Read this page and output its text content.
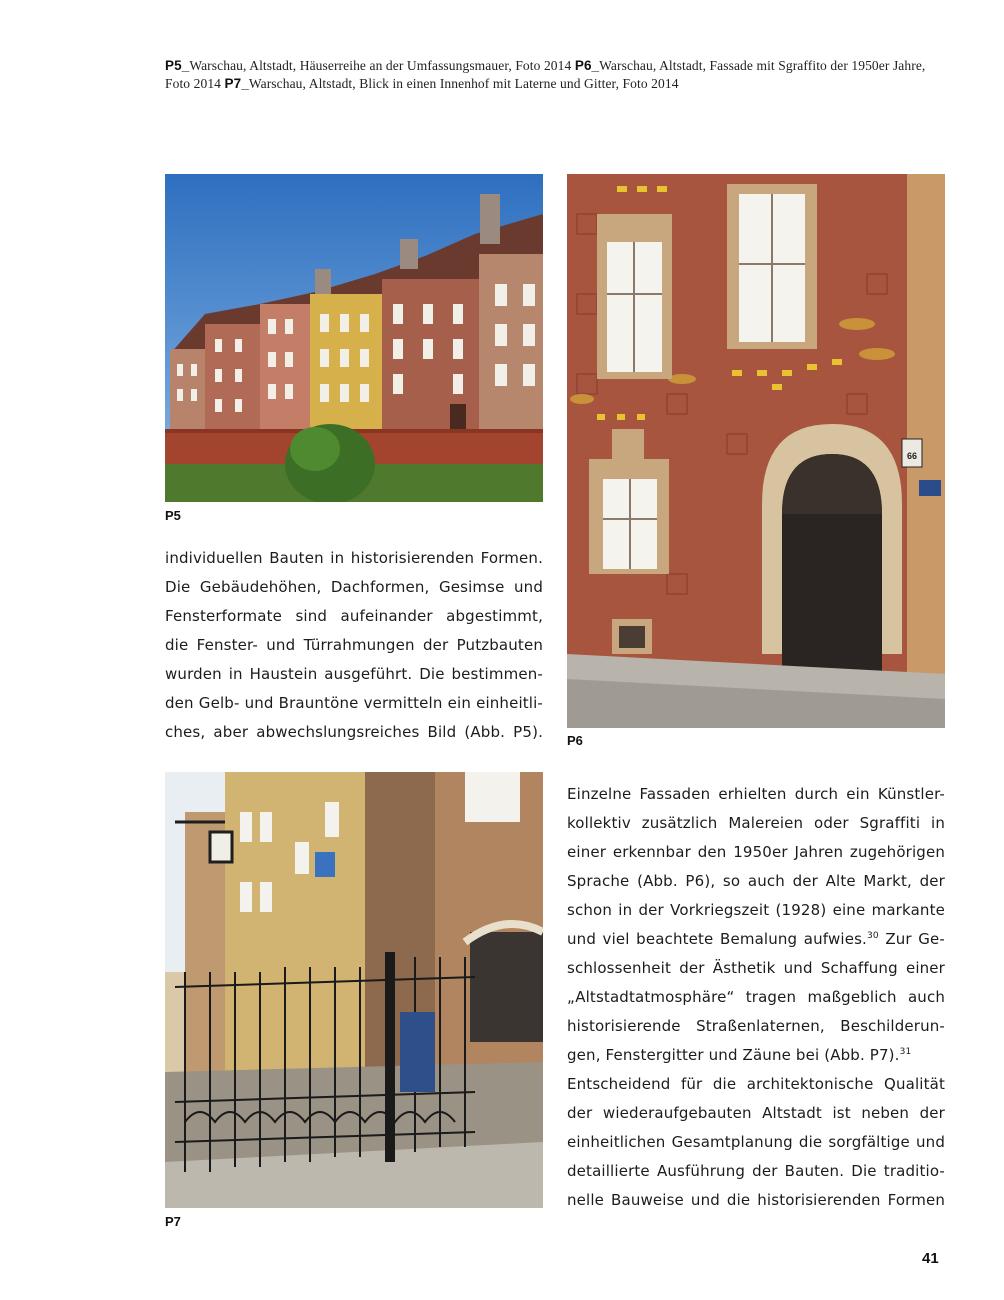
P5_Warschau, Altstadt, Häuserreihe an der Umfassungsmauer, Foto 2014 P6_Warschau, Altstadt, Fassade mit Sgraffito der 1950er Jahre,
Foto 2014 P7_Warschau, Altstadt, Blick in einen Innenhof mit Laterne und Gitter, Foto 2014
P5
66
P6
individuellen Bauten in historisierenden Formen.
Die Gebäudehöhen, Dachformen, Gesimse und
Fensterformate sind aufeinander abgestimmt,
die Fenster- und Türrahmungen der Putzbauten
wurden in Haustein ausgeführt. Die bestimmen-
den Gelb- und Brauntöne vermitteln ein einheitli-
ches, aber abwechslungsreiches Bild (Abb. P5).
P7
Einzelne Fassaden erhielten durch ein Künstler-
kollektiv zusätzlich Malereien oder Sgraffiti in
einer erkennbar den 1950er Jahren zugehörigen
Sprache (Abb. P6), so auch der Alte Markt, der
schon in der Vorkriegszeit (1928) eine markante
und viel beachtete Bemalung aufwies.$^{30}$ Zur Ge-
schlossenheit der Ästhetik und Schaffung einer
„Altstadtatmosphäre“ tragen maßgeblich auch
historisierende Straßenlaternen, Beschilderun-
gen, Fenstergitter und Zäune bei (Abb. P7).$^{31}$
Entscheidend für die architektonische Qualität
der wiederaufgebauten Altstadt ist neben der
einheitlichen Gesamtplanung die sorgfältige und
detaillierte Ausführung der Bauten. Die traditio-
nelle Bauweise und die historisierenden Formen
41
